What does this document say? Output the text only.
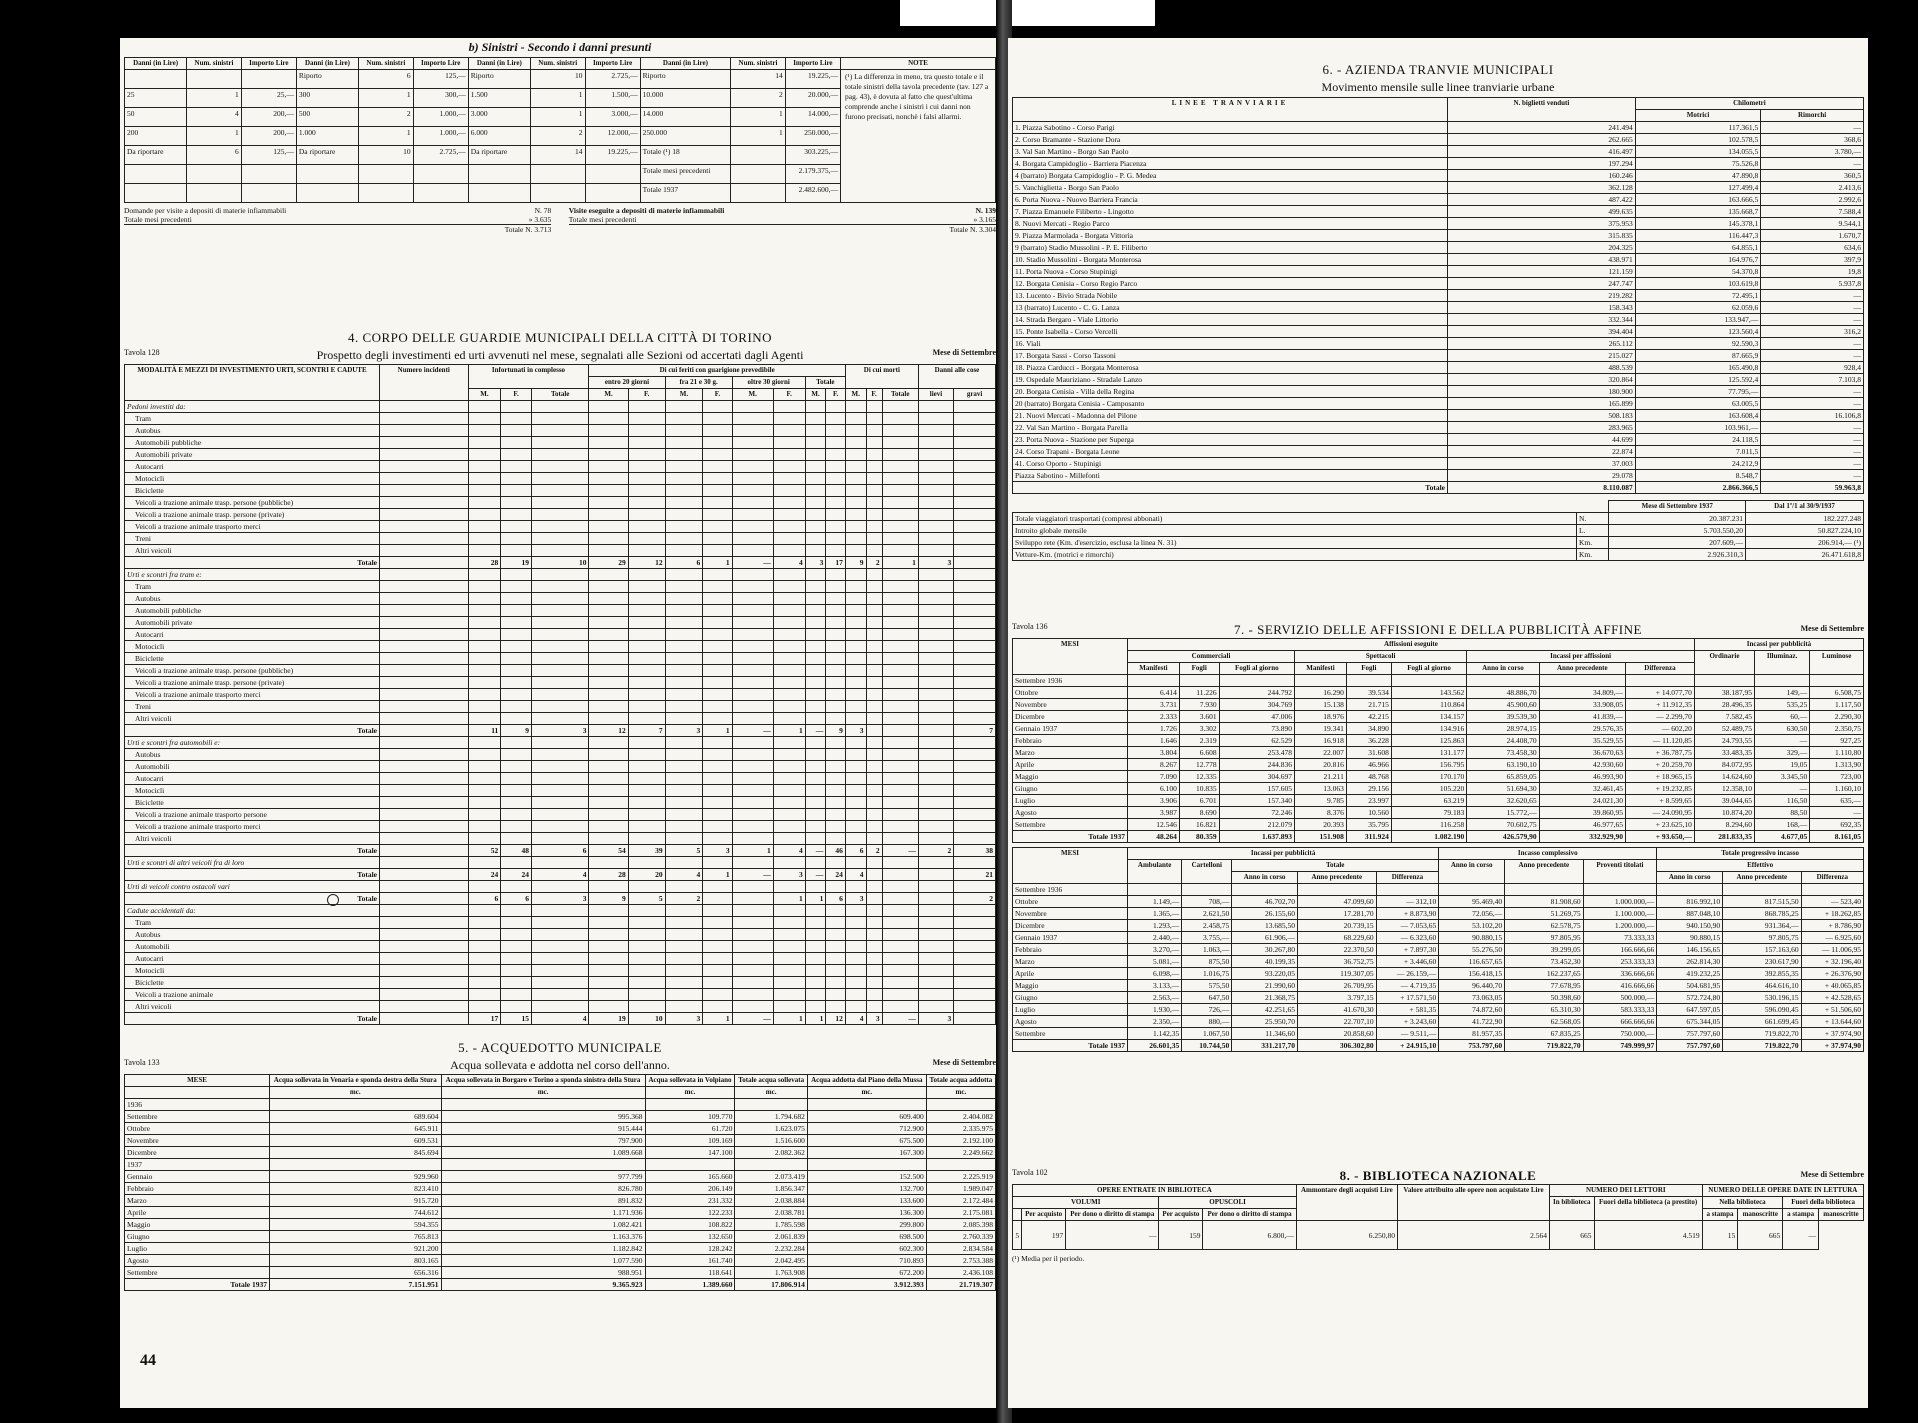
b) Sinistri - Secondo i danni presunti
Danni (in Lire)	Num. sinistri	Importo Lire	Danni (in Lire)	Num. sinistri	Importo Lire	Danni (in Lire)	Num. sinistri	Importo Lire	Danni (in Lire)	Num. sinistri	Importo Lire	NOTE
			Riporto	6	125,—	Riporto	10	2.725,—	Riporto	14	19.225,—	(¹) La differenza in meno, tra questo totale e il totale sinistri della tavola precedente (tav. 127 a pag. 43), è dovuta al fatto che quest'ultima comprende anche i sinistri i cui danni non furono precisati, nonchè i falsi allarmi.
25	1	25,—	300	1	300,—	1.500	1	1.500,—	10.000	2	20.000,—	
50	4	200,—	500	2	1.000,—	3.000	1	3.000,—	14.000	1	14.000,—	
200	1	200,—	1.000	1	1.000,—	6.000	2	12.000,—	250.000	1	250.000,—	
Da riportare	6	125,—	Da riportare	10	2.725,—	Da riportare	14	19.225,—	Totale (¹) 18		303.225,—	
									Totale mesi precedenti		2.179.375,—	
									Totale 1937		2.482.600,—	
Domande per visite a depositi di materie infiammabili	N. 78
Totale mesi precedenti	» 3.635
Totale N. 3.713
Visite eseguite a depositi di materie infiammabili	N. 139
Totale mesi precedenti	» 3.165
Totale N. 3.304
4. CORPO DELLE GUARDIE MUNICIPALI DELLA CITTÀ DI TORINO
Tavola 128	Prospetto degli investimenti ed urti avvenuti nel mese, segnalati alle Sezioni od accertati dagli Agenti	Mese di Settembre
MODALITÀ E MEZZI DI INVESTIMENTO URTI, SCONTRI E CADUTE	Numero incidenti	Infortunati in complesso			Di cui feriti con guarigione prevedibile								Di cui morti			Danni alle cose	
					entro 20 giorni		fra 21 e 30 g.		oltre 30 giorni		Totale						
		M.	F.	Totale	M.	F.	M.	F.	M.	F.	M.	F.	M.	F.	Totale	lievi	gravi
Pedoni investiti da:																	
Tram																	
Autobus																	
Automobili pubbliche																	
Automobili private																	
Autocarri																	
Motocicli																	
Biciclette																	
Veicoli a trazione animale trasp. persone (pubbliche)																	
Veicoli a trazione animale trasp. persone (private)																	
Veicoli a trazione animale trasporto merci																	
Treni																	
Altri veicoli																	
Totale		28	19	10	29	12	6	1	—	4	3	17	9	2	1	3	
Urti e scontri fra tram e:																	
Tram																	
Autobus																	
Automobili pubbliche																	
Automobili private																	
Autocarri																	
Motocicli																	
Biciclette																	
Veicoli a trazione animale trasp. persone (pubbliche)																	
Veicoli a trazione animale trasp. persone (private)																	
Veicoli a trazione animale trasporto merci																	
Treni																	
Altri veicoli																	
Totale		11	9	3	12	7	3	1	—	1	—	9	3				7
Urti e scontri fra automobili e:																	
Autobus																	
Automobili																	
Autocarri																	
Motocicli																	
Biciclette																	
Veicoli a trazione animale trasporto persone																	
Veicoli a trazione animale trasporto merci																	
Altri veicoli																	
Totale		52	48	6	54	39	5	3	1	4	—	46	6	2	—	2	38
Urti e scontri di altri veicoli fra di loro																	
Totale		24	24	4	28	20	4	1	—	3	—	24	4				21
Urti di veicoli contro ostacoli vari																	
Totale		6	6	3	9	5	2			1	1	6	3				2
Cadute accidentali da:																	
Tram																	
Autobus																	
Automobili																	
Autocarri																	
Motocicli																	
Biciclette																	
Veicoli a trazione animale																	
Altri veicoli																	
Totale		17	15	4	19	10	3	1	—	1	1	12	4	3	—	3	
5. - ACQUEDOTTO MUNICIPALE
Tavola 133	Acqua sollevata e addotta nel corso dell'anno.	Mese di Settembre
MESE	Acqua sollevata in Venaria e sponda destra della Stura	Acqua sollevata in Borgaro e Torino a sponda sinistra della Stura	Acqua sollevata in Volpiano	Totale acqua sollevata	Acqua addotta dal Piano della Mussa	Totale acqua addotta
	mc.	mc.	mc.	mc.	mc.	mc.
1936						
Settembre	689.604	995.368	109.770	1.794.682	609.400	2.404.082
Ottobre	645.911	915.444	61.720	1.623.075	712.900	2.335.975
Novembre	609.531	797.900	109.169	1.516.600	675.500	2.192.100
Dicembre	845.694	1.089.668	147.100	2.082.362	167.300	2.249.662
1937						
Gennaio	929.960	977.799	165.660	2.073.419	152.500	2.225.919
Febbraio	823.410	826.780	206.149	1.856.347	132.700	1.989.047
Marzo	915.720	891.832	231.332	2.038.884	133.600	2.172.484
Aprile	744.612	1.171.936	122.233	2.038.781	136.300	2.175.081
Maggio	594.355	1.082.421	108.822	1.785.598	299.800	2.085.398
Giugno	765.813	1.163.376	132.650	2.061.839	698.500	2.760.339
Luglio	921.200	1.182.842	128.242	2.232.284	602.300	2.834.584
Agosto	803.165	1.077.590	161.740	2.042.495	710.893	2.753.388
Settembre	656.316	988.951	118.641	1.763.908	672.200	2.436.108
Totale 1937	7.151.951	9.365.923	1.389.660	17.806.914	3.912.393	21.719.307
6. - AZIENDA TRANVIE MUNICIPALI
Movimento mensile sulle linee tranviarie urbane
LINEE TRANVIARIE	N. biglietti venduti	Chilometri	
		Motrici	Rimorchi
1. Piazza Sabotino - Corso Parigi	241.494	117.361,5	—
2. Corso Bramante - Stazione Dora	262.665	102.578,5	368,6
3. Val San Martino - Borgo San Paolo	416.497	134.055,5	3.780,—
4. Borgata Campidoglio - Barriera Piacenza	197.294	75.526,8	—
4 (barrato) Borgata Campidoglio - P. G. Medea	160.246	47.890,8	360,5
5. Vanchiglietta - Borgo San Paolo	362.128	127.499,4	2.413,6
6. Porta Nuova - Nuovo Barriera Francia	487.422	163.666,5	2.992,6
7. Piazza Emanuele Filiberto - Lingotto	499.635	135.668,7	7.588,4
8. Nuovi Mercati - Regio Parco	375.953	145.378,1	9.544,1
9. Piazza Marmolada - Borgata Vittoria	315.835	116.447,3	1.670,7
9 (barrato) Stadio Mussolini - P. E. Filiberto	204.325	64.855,1	634,6
10. Stadio Mussolini - Borgata Monterosa	438.971	164.976,7	397,9
11. Porta Nuova - Corso Stupinigi	121.159	54.370,8	19,8
12. Borgata Cenisia - Corso Regio Parco	247.747	103.619,8	5.937,8
13. Lucento - Bivio Strada Nobile	219.282	72.495,1	—
13 (barrato) Lucento - C. G. Lanza	158.343	62.059,6	—
14. Strada Bergaro - Viale Littorio	332.344	133.947,—	—
15. Ponte Isabella - Corso Vercelli	394.404	123.560,4	316,2
16. Viali	265.112	92.590,3	—
17. Borgata Sassi - Corso Tassoni	215.027	87.665,9	—
18. Piazza Carducci - Borgata Monterosa	488.539	165.490,8	928,4
19. Ospedale Mauriziano - Stradale Lanzo	320.864	125.592,4	7.103,8
20. Borgata Cenisia - Villa della Regina	180.900	77.795,—	—
20 (barrato) Borgata Cenisia - Camposanto	165.899	63.005,5	—
21. Nuovi Mercati - Madonna del Pilone	508.183	163.608,4	16.106,8
22. Val San Martino - Borgata Parella	283.965	103.961,—	—
23. Porta Nuova - Stazione per Superga	44.699	24.118,5	—
24. Corso Trapani - Borgata Leone	22.874	7.011,5	—
41. Corso Oporto - Stupinigi	37.003	24.212,9	—
Piazza Sabotino - Millefonti	29.078	8.548,7	—
Totale	8.110.087	2.866.366,5	59.963,8
		Mese di Settembre 1937	Dal 1º/1 al 30/9/1937
Totale viaggiatori trasportati (compresi abbonati)	N.	20.387.231	182.227.248
Introito globale mensile	L.	5.703.550,20	50.827.224,10
Sviluppo rete (Km. d'esercizio, esclusa la linea N. 31)	Km.	207.609,—	206.914,— (¹)
Vetture-Km. (motrici e rimorchi)	Km.	2.926.310,3	26.471.618,8
Tavola 136	7. - SERVIZIO DELLE AFFISSIONI E DELLA PUBBLICITÀ AFFINE	Mese di Settembre
MESI	Affissioni eseguite									Incassi per pubblicità		
	Commerciali			Spettacoli			Incassi per affissioni			Ordinarie	Illuminaz.	Luminose
	Manifesti	Fogli	Fogli al giorno	Manifesti	Fogli	Fogli al giorno	Anno in corso	Anno precedente	Differenza			
Settembre 1936												
Ottobre	6.414	11.226	244.792	16.290	39.534	143.562	48.886,70	34.809,—	+ 14.077,70	38.187,95	149,—	6.508,75
Novembre	3.731	7.930	304.769	15.138	21.715	110.864	45.900,60	33.908,05	+ 11.912,35	28.496,35	535,25	1.117,50
Dicembre	2.333	3.601	47.006	18.976	42.215	134.157	39.539,30	41.839,—	— 2.299,70	7.582,45	60,—	2.290,30
Gennaio 1937	1.726	3.302	73.890	19.341	34.890	134.916	28.974,15	29.576,35	— 602,20	52.489,75	630,50	2.350,75
Febbraio	1.646	2.319	62.529	16.918	36.228	125.863	24.408,70	35.529,55	— 11.120,85	24.793,55	—	927,25
Marzo	3.804	6.608	253.478	22.007	31.608	131.177	73.458,30	36.670,63	+ 36.787,75	33.483,35	329,—	1.110,80
Aprile	8.267	12.778	244.836	20.816	46.966	156.795	63.190,10	42.930,60	+ 20.259,70	84.072,95	19,05	1.313,90
Maggio	7.090	12.335	304.697	21.211	48.768	170.170	65.859,05	46.993,90	+ 18.965,15	14.624,60	3.345,50	723,00
Giugno	6.100	10.835	157.605	13.063	29.156	105.220	51.694,30	32.461,45	+ 19.232,85	12.358,10	—	1.160,10
Luglio	3.906	6.701	157.340	9.785	23.997	63.219	32.620,65	24.021,30	+ 8.599,65	39.044,65	116,50	635,—
Agosto	3.987	8.690	72.246	8.376	10.560	79.183	15.772,—	39.860,95	— 24.090,95	10.874,20	88,50	—
Settembre	12.546	16.821	212.079	20.393	35.795	116.258	70.602,75	46.977,65	+ 23.625,10	8.294,60	168,—	692,35
Totale 1937	48.264	80.359	1.637.893	151.908	311.924	1.082.190	426.579,90	332.929,90	+ 93.650,—	281.833,35	4.677,05	8.161,05
MESI	Incassi per pubblicità					Incasso complessivo			Totale progressivo incasso		
	Ambulante	Cartelloni	Totale			Anno in corso	Anno precedente	Proventi titolati	Effettivo		
			Anno in corso	Anno precedente	Differenza				Anno in corso	Anno precedente	Differenza
Settembre 1936											
Ottobre	1.149,—	708,—	46.702,70	47.099,60	— 312,10	95.469,40	81.908,60	1.000.000,—	816.992,10	817.515,50	— 523,40
Novembre	1.365,—	2.621,50	26.155,60	17.281,70	+ 8.873,90	72.056,—	51.269,75	1.100.000,—	887.048,10	868.785,25	+ 18.262,85
Dicembre	1.293,—	2.458,75	13.685,50	20.739,15	— 7.053,65	53.102,20	62.578,75	1.200.000,—	940.150,90	931.364,—	+ 8.786,90
Gennaio 1937	2.440,—	3.755,—	61.906,—	68.229,60	— 6.323,60	90.880,15	97.805,95	73.333,33	90.880,15	97.805,75	— 6.925,60
Febbraio	3.270,—	1.063,—	30.267,80	22.370,50	+ 7.897,30	55.276,50	39.299,05	166.666,66	146.156,65	157.163,60	— 11.006,95
Marzo	5.081,—	875,50	40.199,35	36.752,75	+ 3.446,60	116.657,65	73.452,30	253.333,33	262.814,30	230.617,90	+ 32.196,40
Aprile	6.098,—	1.016,75	93.220,05	119.307,05	— 26.159,—	156.418,15	162.237,65	336.666,66	419.232,25	392.855,35	+ 26.376,90
Maggio	3.133,—	575,50	21.990,60	26.709,95	— 4.719,35	96.440,70	77.678,95	416.666,66	504.681,95	464.616,10	+ 40.065,85
Giugno	2.563,—	647,50	21.368,75	3.797,15	+ 17.571,50	73.063,05	50.398,60	500.000,—	572.724,80	530.196,15	+ 42.528,65
Luglio	1.930,—	726,—	42.251,65	41.670,30	+ 581,35	74.872,60	65.310,30	583.333,33	647.597,05	596.090,45	+ 51.506,60
Agosto	2.350,—	880,—	25.950,70	22.707,10	+ 3.243,60	41.722,90	62.568,05	666.666,66	675.344,05	661.699,45	+ 13.644,60
Settembre	1.142,35	1.067,50	11.346,60	20.858,60	— 9.511,—	81.957,35	67.835,25	750.000,—	757.797,60	719.822,70	+ 37.974,90
Totale 1937	26.601,35	10.744,50	331.217,70	306.302,80	+ 24.915,10	753.797,60	719.822,70	749.999,97	757.797,60	719.822,70	+ 37.974,90
Tavola 102	8. - BIBLIOTECA NAZIONALE	Mese di Settembre
OPERE ENTRATE IN BIBLIOTECA					Ammontare degli acquisti Lire	Valore attribuito alle opere non acquistate Lire	NUMERO DEI LETTORI		NUMERO DELLE OPERE DATE IN LETTURA			
VOLUMI			OPUSCOLI				In biblioteca	Fuori della biblioteca (a prestito)	Nella biblioteca		Fuori della biblioteca	
	Per acquisto	Per dono o diritto di stampa	Per acquisto	Per dono o diritto di stampa					a stampa	manoscritte	a stampa	manoscritte
5	197	—	159	6.800,—	6.250,80	2.564	665	4.519	15	665	—	
(¹) Media per il periodo.
44
